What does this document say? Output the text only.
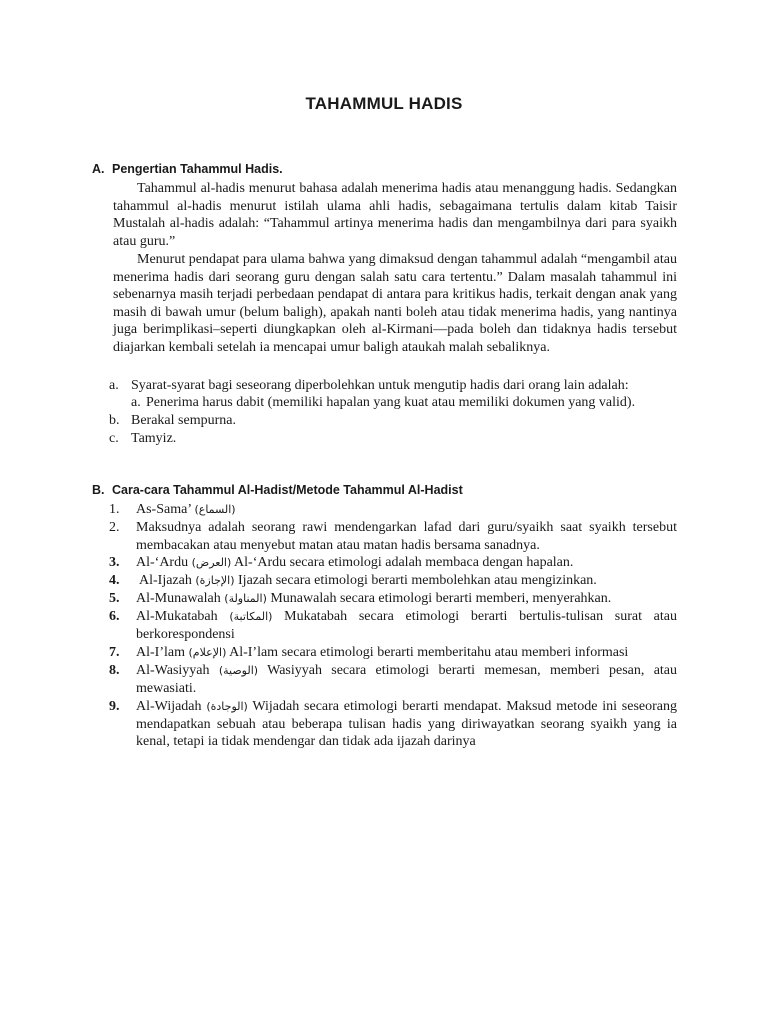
TAHAMMUL HADIS
A. Pengertian Tahammul Hadis.
Tahammul al-hadis menurut bahasa adalah menerima hadis atau menanggung hadis. Sedangkan tahammul al-hadis menurut istilah ulama ahli hadis, sebagaimana tertulis dalam kitab Taisir Mustalah al-hadis adalah: “Tahammul artinya menerima hadis dan mengambilnya dari para syaikh atau guru.”
Menurut pendapat para ulama bahwa yang dimaksud dengan tahammul adalah “mengambil atau menerima hadis dari seorang guru dengan salah satu cara tertentu.” Dalam masalah tahammul ini sebenarnya masih terjadi perbedaan pendapat di antara para kritikus hadis, terkait dengan anak yang masih di bawah umur (belum baligh), apakah nanti boleh atau tidak menerima hadis, yang nantinya juga berimplikasi–seperti diungkapkan oleh al-Kirmani—pada boleh dan tidaknya hadis tersebut diajarkan kembali setelah ia mencapai umur baligh ataukah malah sebaliknya.
a. Syarat-syarat bagi seseorang diperbolehkan untuk mengutip hadis dari orang lain adalah:
a. Penerima harus dabit (memiliki hapalan yang kuat atau memiliki dokumen yang valid).
b. Berakal sempurna.
c. Tamyiz.
B. Cara-cara Tahammul Al-Hadist/Metode Tahammul Al-Hadist
1. As-Sama’ (السماع)
2. Maksudnya adalah seorang rawi mendengarkan lafad dari guru/syaikh saat syaikh tersebut membacakan atau menyebut matan atau matan hadis bersama sanadnya.
3. Al-‘Ardu (العرض) Al-‘Ardu secara etimologi adalah membaca dengan hapalan.
4. Al-Ijazah (الإجازة) Ijazah secara etimologi berarti membolehkan atau mengizinkan.
5. Al-Munawalah (المناولة) Munawalah secara etimologi berarti memberi, menyerahkan.
6. Al-Mukatabah (المكاتبة) Mukatabah secara etimologi berarti bertulis-tulisan surat atau berkorespondensi
7. Al-I’lam (الإعلام) Al-I’lam secara etimologi berarti memberitahu atau memberi informasi
8. Al-Wasiyyah (الوصية) Wasiyyah secara etimologi berarti memesan, memberi pesan, atau mewasiati.
9. Al-Wijadah (الوجادة) Wijadah secara etimologi berarti mendapat. Maksud metode ini seseorang mendapatkan sebuah atau beberapa tulisan hadis yang diriwayatkan seorang syaikh yang ia kenal, tetapi ia tidak mendengar dan tidak ada ijazah darinya
